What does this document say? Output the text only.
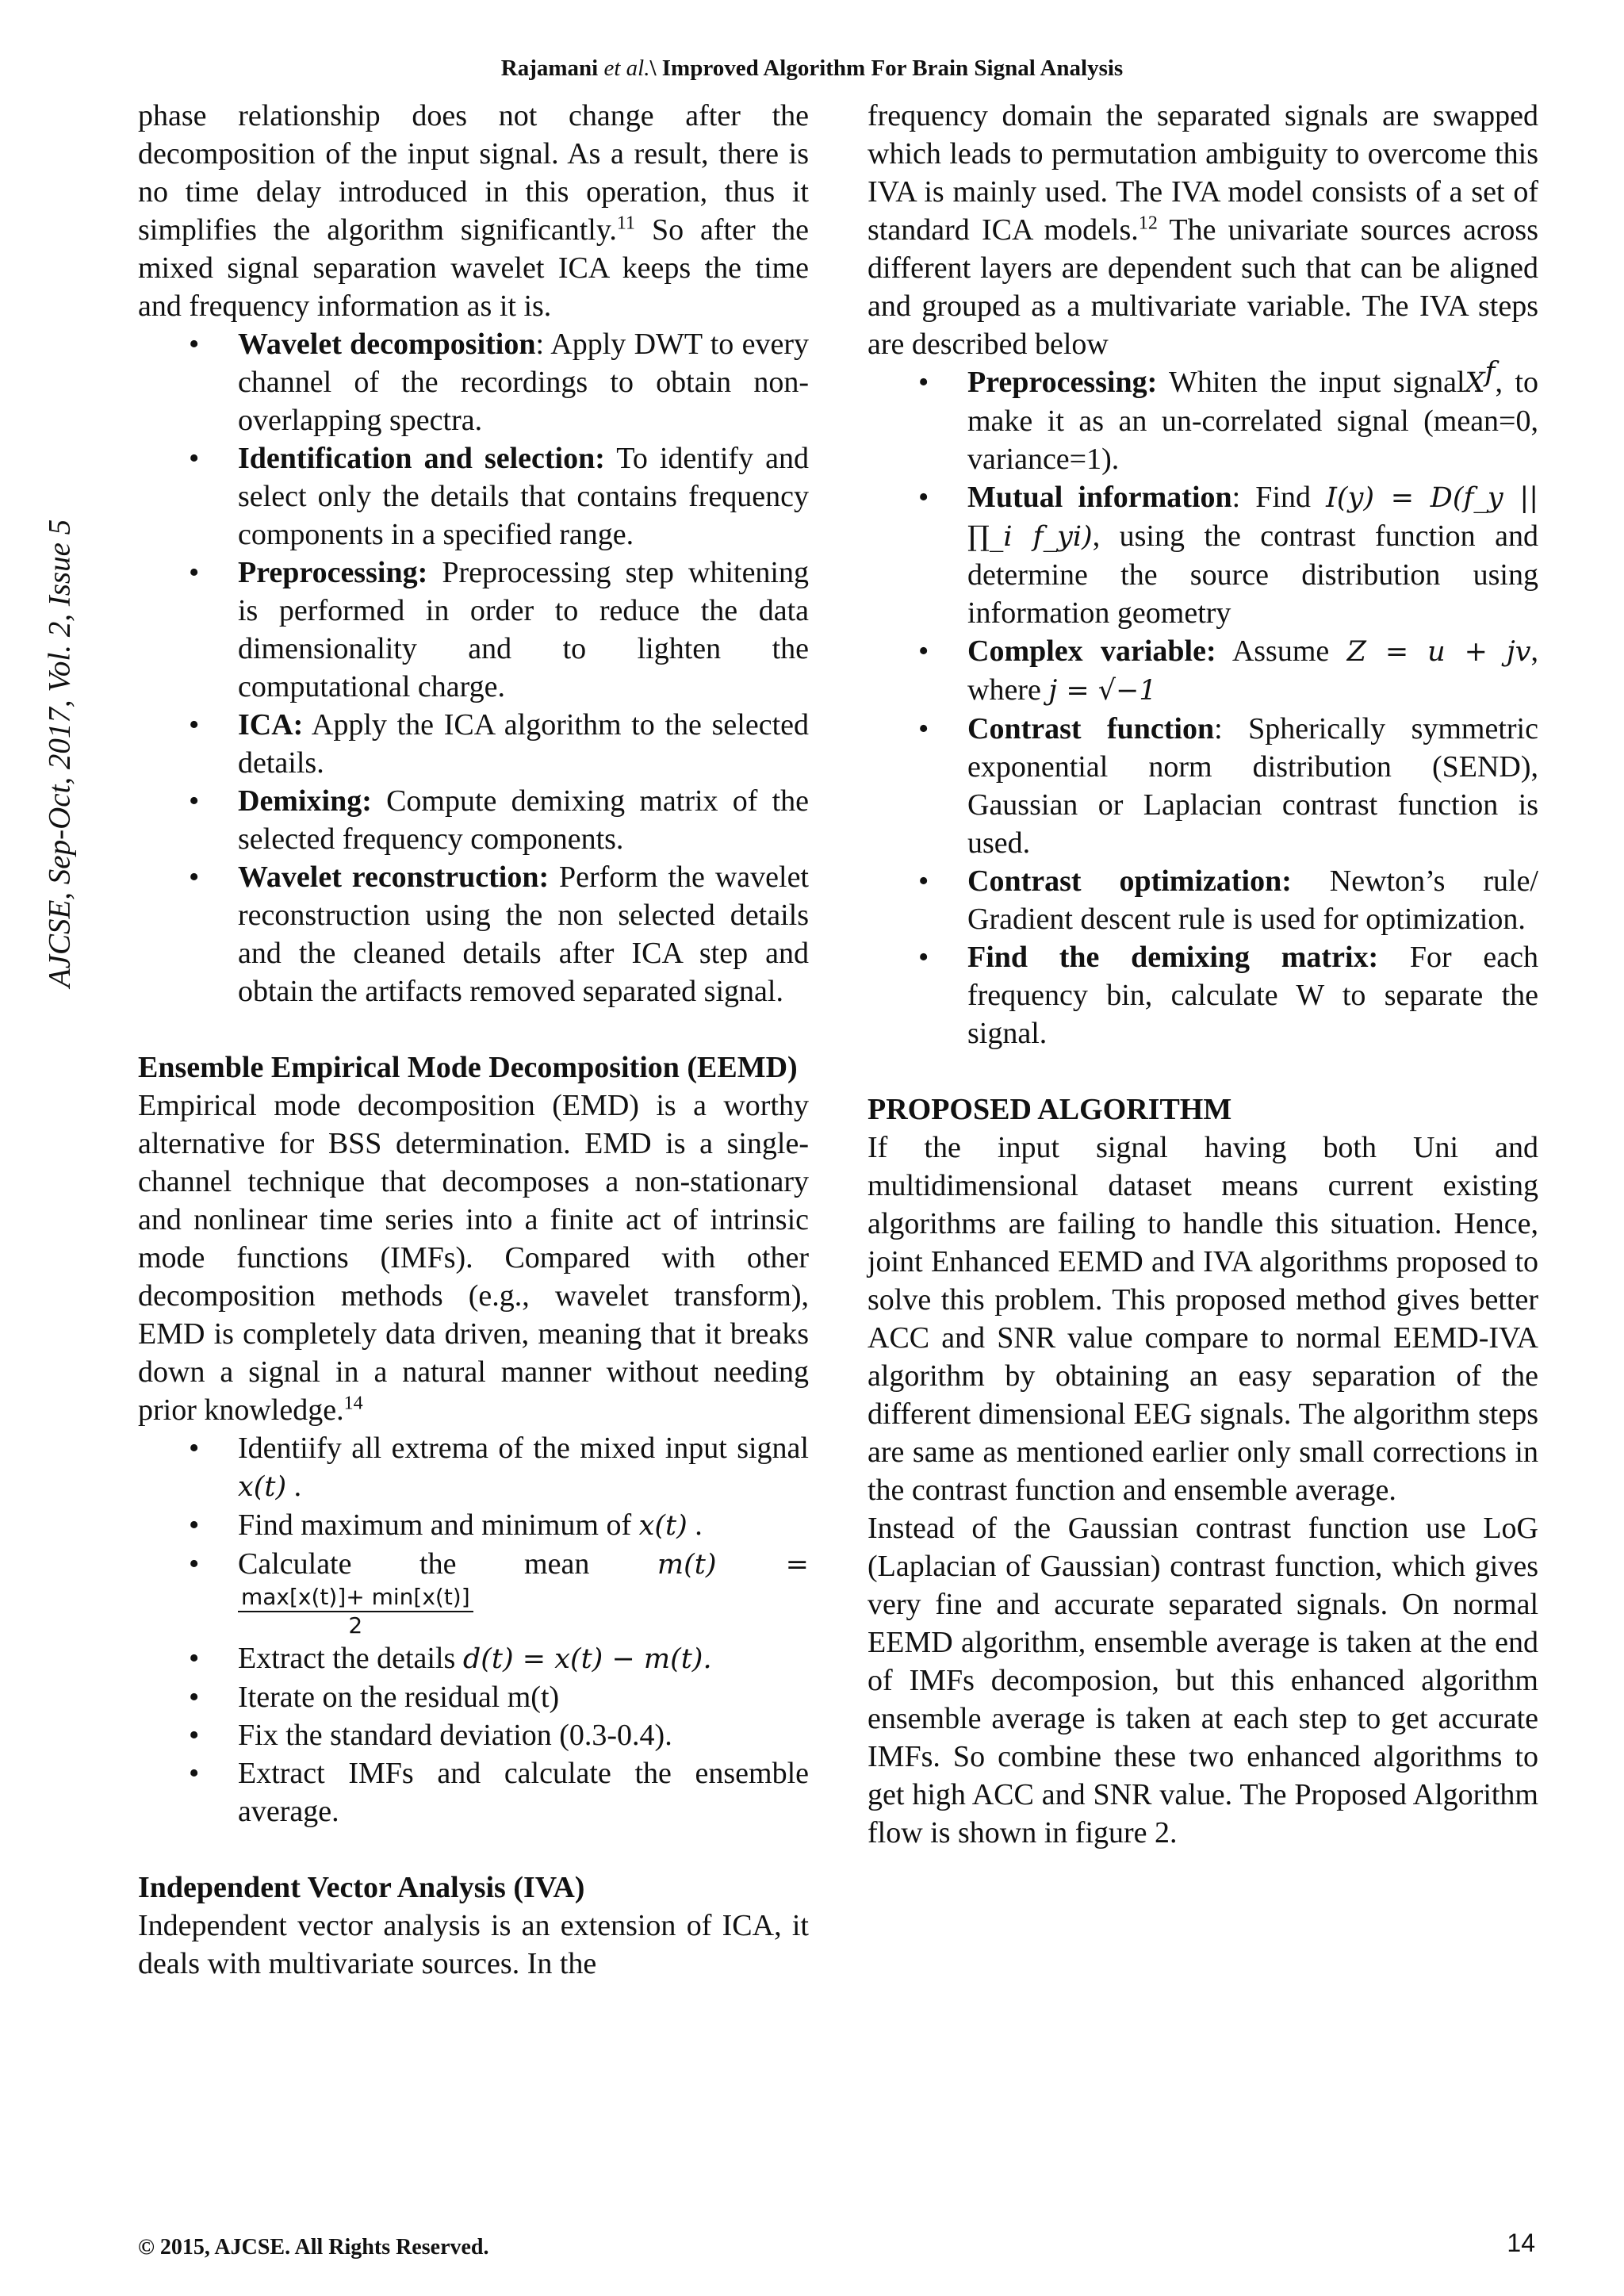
Rajamani et al.\ Improved Algorithm For Brain Signal Analysis
AJCSE, Sep-Oct, 2017, Vol. 2, Issue 5

phase relationship does not change after the decomposition of the input signal. As a result, there is no time delay introduced in this operation, thus it simplifies the algorithm significantly.$^{11}$ So after the mixed signal separation wavelet ICA keeps the time and frequency information as it is.

• Wavelet decomposition: Apply DWT to every channel of the recordings to obtain non-overlapping spectra.
• Identification and selection: To identify and select only the details that contains frequency components in a specified range.
• Preprocessing: Preprocessing step whitening is performed in order to reduce the data dimensionality and to lighten the computational charge.
• ICA: Apply the ICA algorithm to the selected details.
• Demixing: Compute demixing matrix of the selected frequency components.
• Wavelet reconstruction: Perform the wavelet reconstruction using the non selected details and the cleaned details after ICA step and obtain the artifacts removed separated signal.

Ensemble Empirical Mode Decomposition (EEMD)

Empirical mode decomposition (EMD) is a worthy alternative for BSS determination. EMD is a single-channel technique that decomposes a non-stationary and nonlinear time series into a finite act of intrinsic mode functions (IMFs). Compared with other decomposition methods (e.g., wavelet transform), EMD is completely data driven, meaning that it breaks down a signal in a natural manner without needing prior knowledge.$^{14}$

• Identiify all extrema of the mixed input signal x(t) .
• Find maximum and minimum of x(t) .
• Calculate the mean m(t) =

$\frac{\max[x(t)]+ \min[x(t)]}{2}$
• Extract the details d(t) = x(t) − m(t).
• Iterate on the residual m(t)
• Fix the standard deviation (0.3-0.4).
• Extract IMFs and calculate the ensemble average.

Independent Vector Analysis (IVA)

Independent vector analysis is an extension of ICA, it deals with multivariate sources. In the

frequency domain the separated signals are swapped which leads to permutation ambiguity to overcome this IVA is mainly used. The IVA model consists of a set of standard ICA models.$^{12}$ The univariate sources across different layers are dependent such that can be aligned and grouped as a multivariate variable. The IVA steps are described below

• Preprocessing: Whiten the input signalX$^f$, to make it as an un-correlated signal (mean=0, variance=1).
• Mutual information: Find I(y) = D(f_y || ∏_i f_yi), using the contrast function and determine the source distribution using information geometry
• Complex variable: Assume Z = u + jv, where j = √−1
• Contrast function: Spherically symmetric exponential norm distribution (SEND), Gaussian or Laplacian contrast function is used.
• Contrast optimization: Newton’s rule/ Gradient descent rule is used for optimization.
• Find the demixing matrix: For each frequency bin, calculate W to separate the signal.

PROPOSED ALGORITHM

If the input signal having both Uni and multidimensional dataset means current existing algorithms are failing to handle this situation. Hence, joint Enhanced EEMD and IVA algorithms proposed to solve this problem. This proposed method gives better ACC and SNR value compare to normal EEMD-IVA algorithm by obtaining an easy separation of the different dimensional EEG signals. The algorithm steps are same as mentioned earlier only small corrections in the contrast function and ensemble average.

Instead of the Gaussian contrast function use LoG (Laplacian of Gaussian) contrast function, which gives very fine and accurate separated signals. On normal EEMD algorithm, ensemble average is taken at the end of IMFs decomposion, but this enhanced algorithm ensemble average is taken at each step to get accurate IMFs. So combine these two enhanced algorithms to get high ACC and SNR value. The Proposed Algorithm flow is shown in figure 2.

© 2015, AJCSE. All Rights Reserved.	14
